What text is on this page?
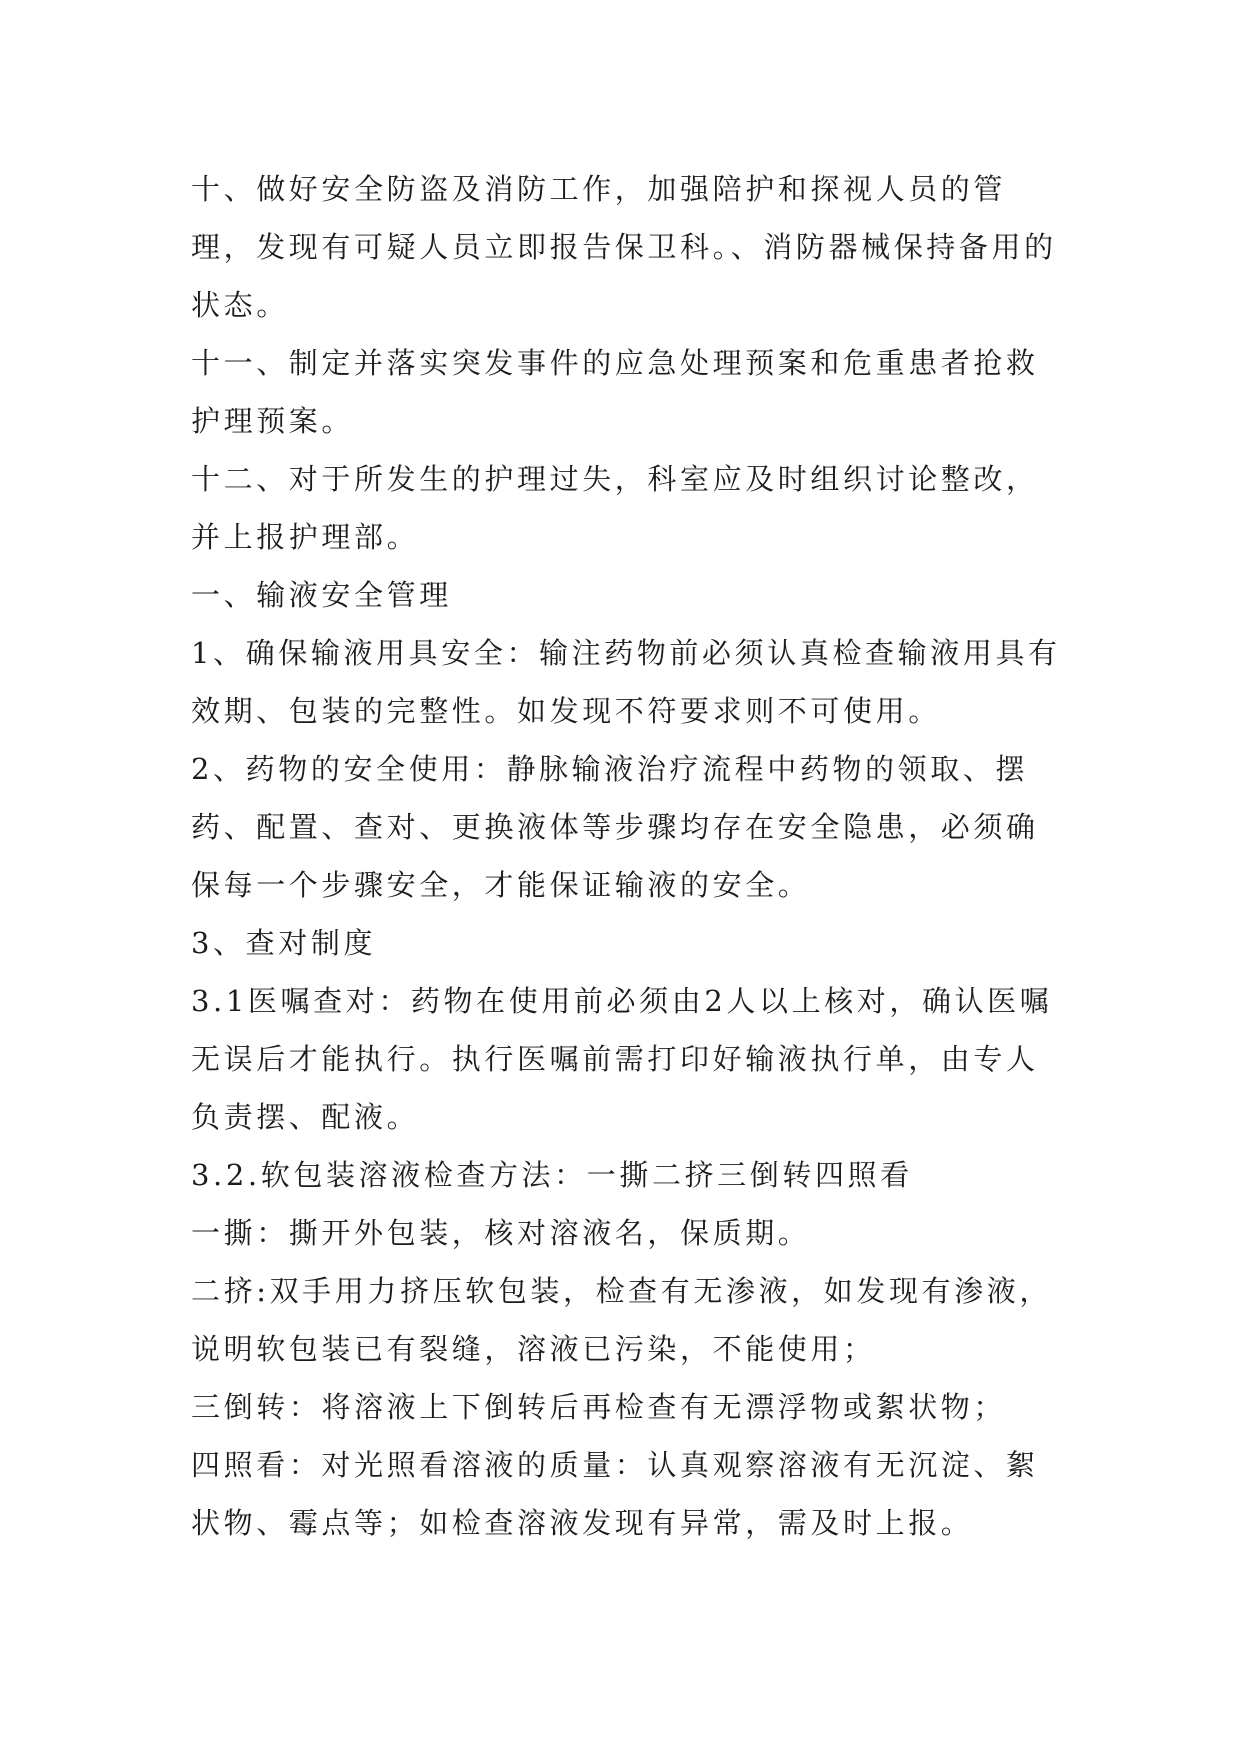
十、做好安全防盗及消防工作，加强陪护和探视人员的管理，发现有可疑人员立即报告保卫科。、消防器械保持备用的状态。

十一、制定并落实突发事件的应急处理预案和危重患者抢救护理预案。

十二、对于所发生的护理过失，科室应及时组织讨论整改，并上报护理部。

一、输液安全管理

1、确保输液用具安全：输注药物前必须认真检查输液用具有效期、包装的完整性。如发现不符要求则不可使用。

2、药物的安全使用：静脉输液治疗流程中药物的领取、摆药、配置、查对、更换液体等步骤均存在安全隐患，必须确保每一个步骤安全，才能保证输液的安全。

3、查对制度

3.1医嘱查对：药物在使用前必须由2人以上核对，确认医嘱无误后才能执行。执行医嘱前需打印好输液执行单，由专人负责摆、配液。

3.2.软包装溶液检查方法：一撕二挤三倒转四照看

一撕：撕开外包装，核对溶液名，保质期。

二挤:双手用力挤压软包装，检查有无渗液，如发现有渗液，说明软包装已有裂缝，溶液已污染，不能使用；

三倒转：将溶液上下倒转后再检查有无漂浮物或絮状物；

四照看：对光照看溶液的质量：认真观察溶液有无沉淀、絮状物、霉点等；如检查溶液发现有异常，需及时上报。
